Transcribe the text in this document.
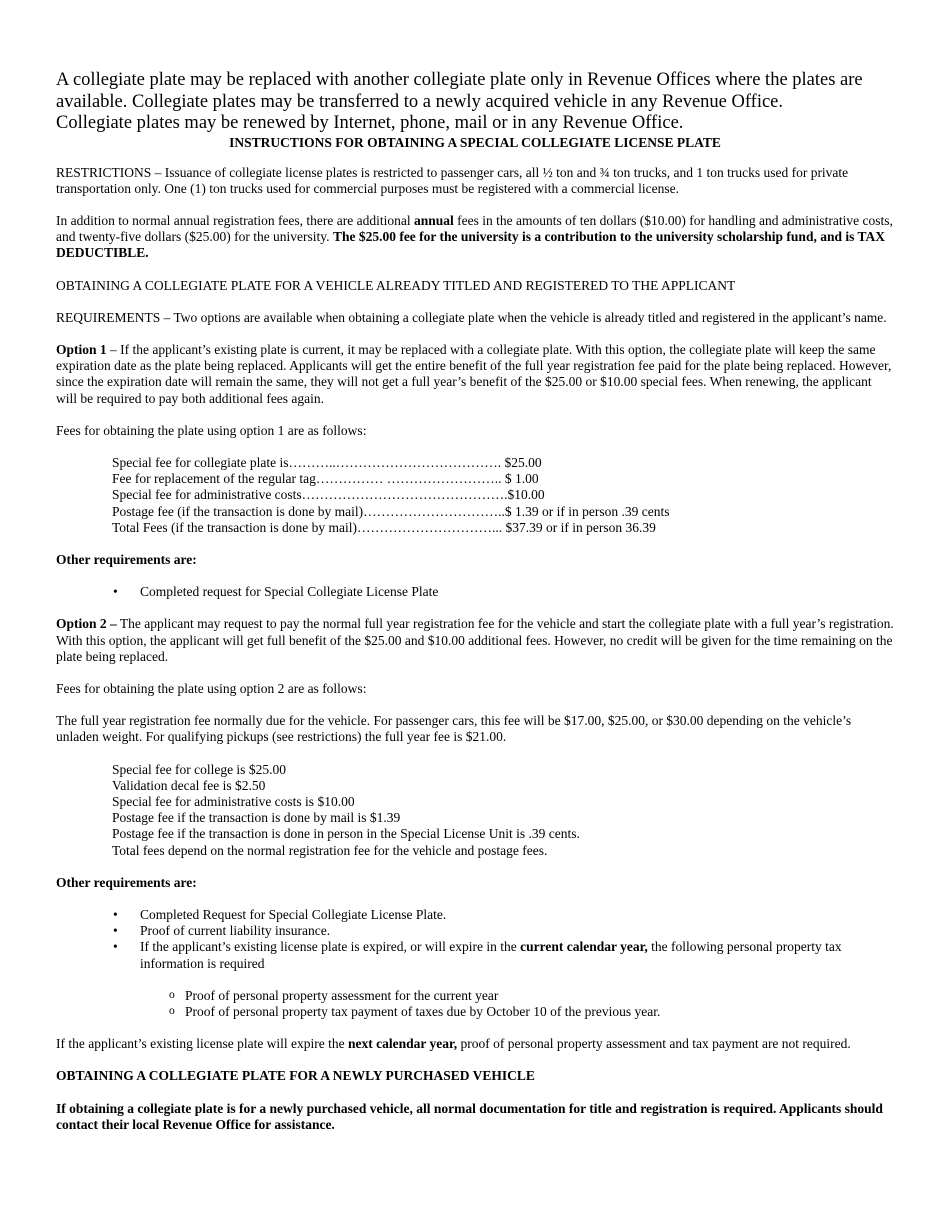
A collegiate plate may be replaced with another collegiate plate only in Revenue Offices where the plates are available. Collegiate plates may be transferred to a newly acquired vehicle in any Revenue Office.
Collegiate plates may be renewed by Internet, phone, mail or in any Revenue Office.

INSTRUCTIONS FOR OBTAINING A SPECIAL COLLEGIATE LICENSE PLATE

RESTRICTIONS – Issuance of collegiate license plates is restricted to passenger cars, all ½ ton and ¾ ton trucks, and 1 ton trucks used for private transportation only. One (1) ton trucks used for commercial purposes must be registered with a commercial license.

In addition to normal annual registration fees, there are additional annual fees in the amounts of ten dollars ($10.00) for handling and administrative costs, and twenty-five dollars ($25.00) for the university. The $25.00 fee for the university is a contribution to the university scholarship fund, and is TAX DEDUCTIBLE.

OBTAINING A COLLEGIATE PLATE FOR A VEHICLE ALREADY TITLED AND REGISTERED TO THE APPLICANT

REQUIREMENTS – Two options are available when obtaining a collegiate plate when the vehicle is already titled and registered in the applicant’s name.

Option 1 – If the applicant’s existing plate is current, it may be replaced with a collegiate plate. With this option, the collegiate plate will keep the same expiration date as the plate being replaced. Applicants will get the entire benefit of the full year registration fee paid for the plate being replaced. However, since the expiration date will remain the same, they will not get a full year’s benefit of the $25.00 or $10.00 special fees. When renewing, the applicant will be required to pay both additional fees again.

Fees for obtaining the plate using option 1 are as follows:

Special fee for collegiate plate is………..………………………………. $25.00
Fee for replacement of the regular tag…………… …………………….. $ 1.00
Special fee for administrative costs……………………………………….$10.00
Postage fee (if the transaction is done by mail)…………………………..$ 1.39 or if in person .39 cents
Total Fees (if the transaction is done by mail)…………………………... $37.39 or if in person 36.39
Other requirements are:
• Completed request for Special Collegiate License Plate

Option 2 – The applicant may request to pay the normal full year registration fee for the vehicle and start the collegiate plate with a full year’s registration. With this option, the applicant will get full benefit of the $25.00 and $10.00 additional fees. However, no credit will be given for the time remaining on the plate being replaced.

Fees for obtaining the plate using option 2 are as follows:

The full year registration fee normally due for the vehicle. For passenger cars, this fee will be $17.00, $25.00, or $30.00 depending on the vehicle’s unladen weight. For qualifying pickups (see restrictions) the full year fee is $21.00.

Special fee for college is $25.00
Validation decal fee is $2.50
Special fee for administrative costs is $10.00
Postage fee if the transaction is done by mail is $1.39
Postage fee if the transaction is done in person in the Special License Unit is .39 cents.
Total fees depend on the normal registration fee for the vehicle and postage fees.
Other requirements are:
• Completed Request for Special Collegiate License Plate.
• Proof of current liability insurance.
• If the applicant’s existing license plate is expired, or will expire in the current calendar year, the following personal property tax information is required
o Proof of personal property assessment for the current year
o Proof of personal property tax payment of taxes due by October 10 of the previous year.

If the applicant’s existing license plate will expire the next calendar year, proof of personal property assessment and tax payment are not required.

OBTAINING A COLLEGIATE PLATE FOR A NEWLY PURCHASED VEHICLE

If obtaining a collegiate plate is for a newly purchased vehicle, all normal documentation for title and registration is required. Applicants should contact their local Revenue Office for assistance.
